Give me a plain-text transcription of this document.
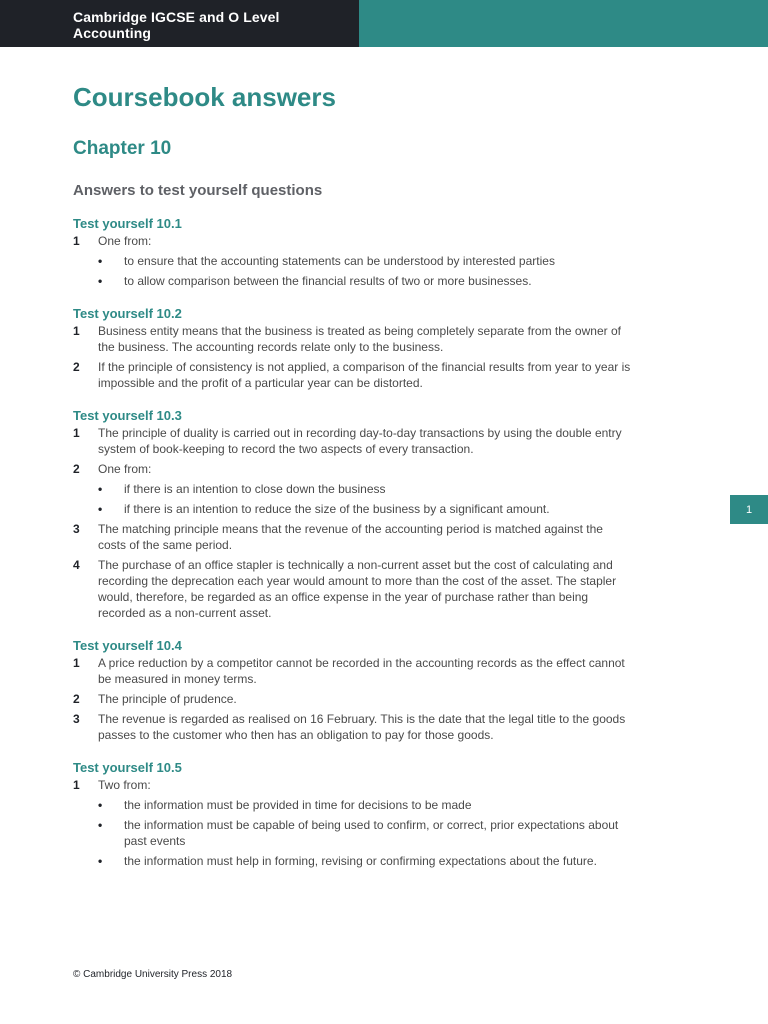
Cambridge IGCSE and O Level Accounting
Coursebook answers
Chapter 10
Answers to test yourself questions
Test yourself 10.1
1 One from:
• to ensure that the accounting statements can be understood by interested parties
• to allow comparison between the financial results of two or more businesses.
Test yourself 10.2
1 Business entity means that the business is treated as being completely separate from the owner of the business. The accounting records relate only to the business.
2 If the principle of consistency is not applied, a comparison of the financial results from year to year is impossible and the profit of a particular year can be distorted.
Test yourself 10.3
1 The principle of duality is carried out in recording day-to-day transactions by using the double entry system of book-keeping to record the two aspects of every transaction.
2 One from:
• if there is an intention to close down the business
• if there is an intention to reduce the size of the business by a significant amount.
3 The matching principle means that the revenue of the accounting period is matched against the costs of the same period.
4 The purchase of an office stapler is technically a non-current asset but the cost of calculating and recording the deprecation each year would amount to more than the cost of the asset. The stapler would, therefore, be regarded as an office expense in the year of purchase rather than being recorded as a non-current asset.
Test yourself 10.4
1 A price reduction by a competitor cannot be recorded in the accounting records as the effect cannot be measured in money terms.
2 The principle of prudence.
3 The revenue is regarded as realised on 16 February. This is the date that the legal title to the goods passes to the customer who then has an obligation to pay for those goods.
Test yourself 10.5
1 Two from:
• the information must be provided in time for decisions to be made
• the information must be capable of being used to confirm, or correct, prior expectations about past events
• the information must help in forming, revising or confirming expectations about the future.
1
© Cambridge University Press 2018
